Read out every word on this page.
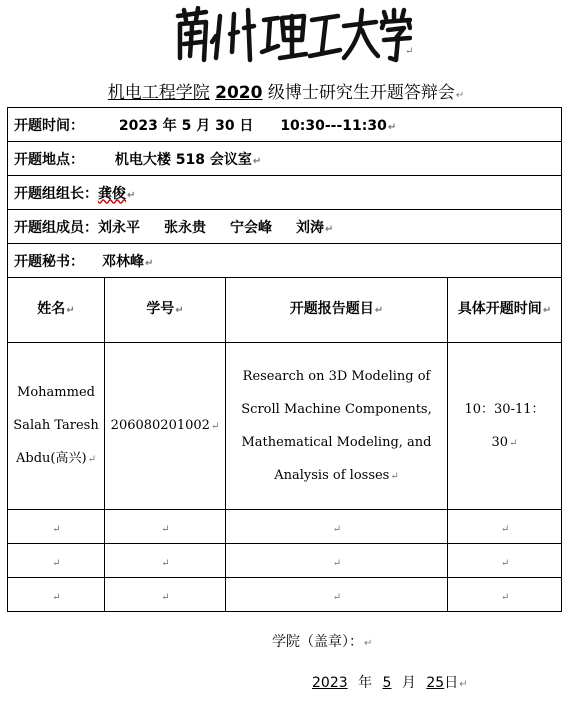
↵
机电工程学院 2020 级博士研究生开题答辩会↵
开题时间： 2023 年 5 月 30 日 10:30---11:30↵			
开题地点： 机电大楼 518 会议室↵			
开题组组长：龚俊↵			
开题组成员：刘永平 张永贵 宁会峰 刘涛↵			
开题秘书： 邓林峰↵			
姓名↵	学号↵	开题报告题目↵	具体开题时间↵
Mohammed Salah Taresh Abdu(高兴)↵	206080201002↵	Research on 3D Modeling of Scroll Machine Components, Mathematical Modeling, and Analysis of losses↵	10：30-11：30↵
↵	↵	↵	↵
↵	↵	↵	↵
↵	↵	↵	↵
学院（盖章）：↵
2023 年 5 月 25日↵
